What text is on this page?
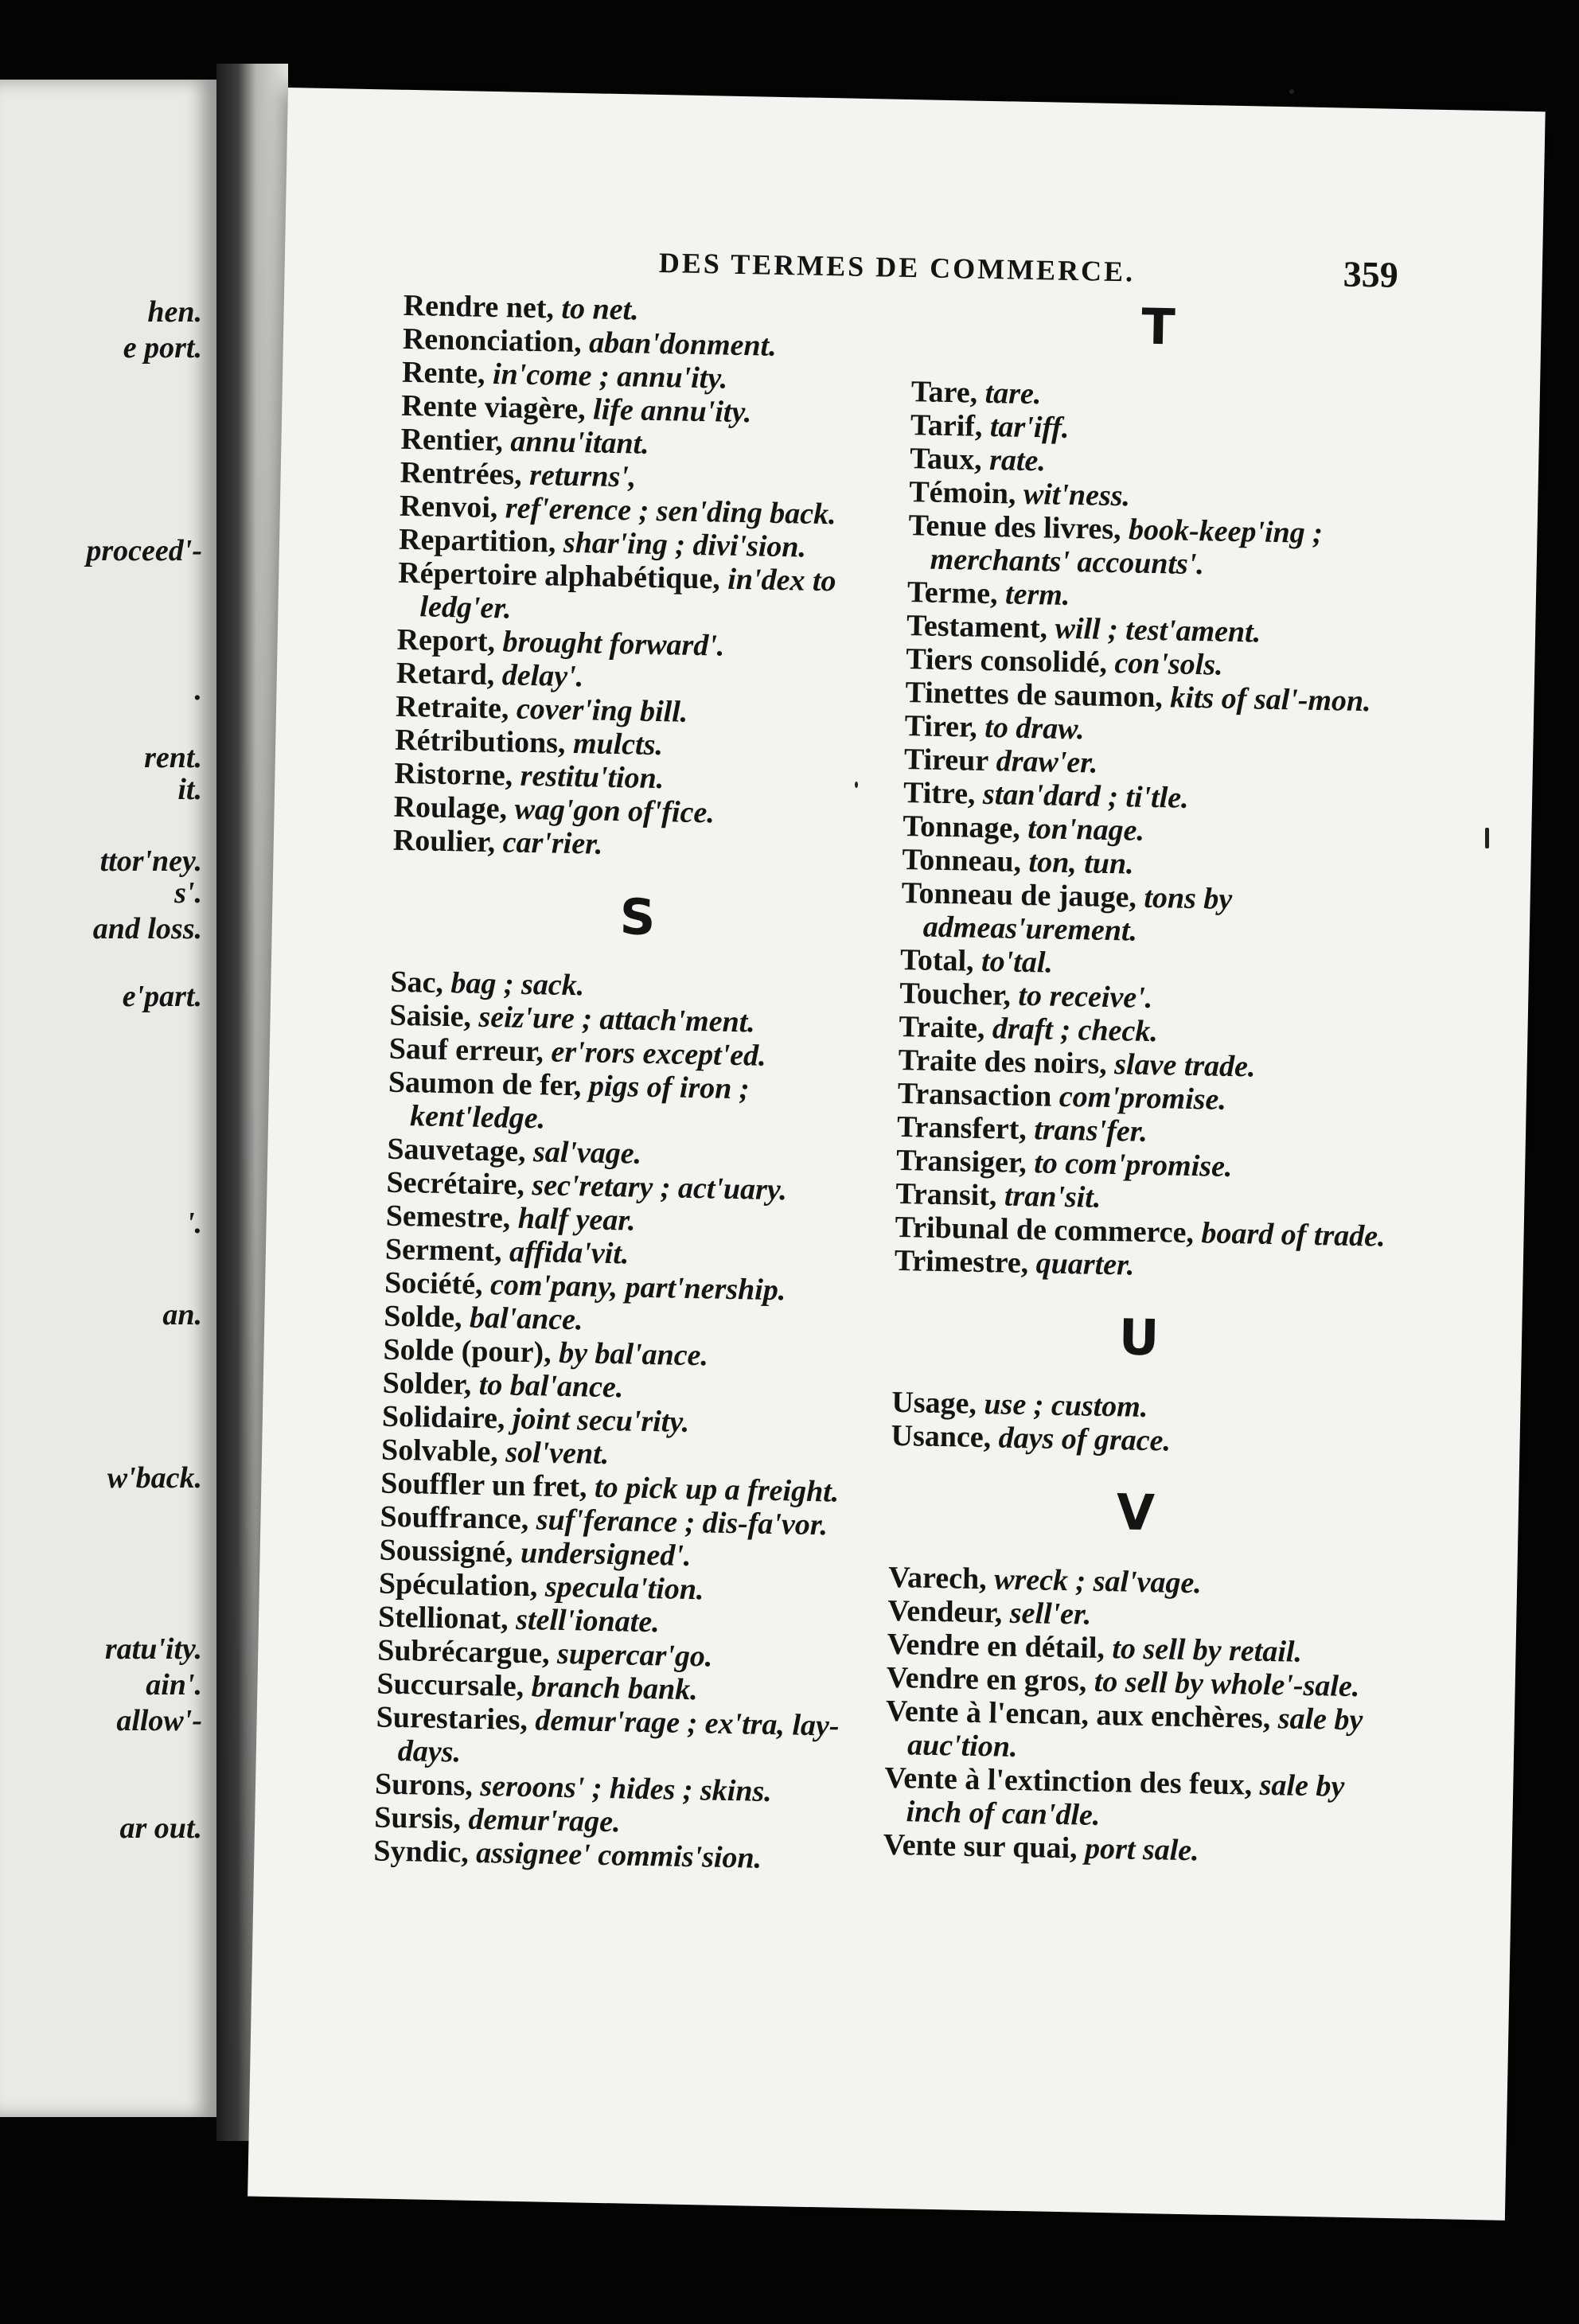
hen.
e port.
proceed'-
.
rent.
it.
ttor'ney.
s'.
and loss.
e'part.
'.
an.
w'back.
ratu'ity.
ain'.
allow'-
ar out.
DES TERMES DE COMMERCE.	359

Rendre net, to net.

Renonciation, aban'donment.

Rente, in'come ; annu'ity.

Rente viagère, life annu'ity.

Rentier, annu'itant.

Rentrées, returns',

Renvoi, ref'erence ; sen'ding back.

Repartition, shar'ing ; divi'sion.

Répertoire alphabétique, in'dex to ledg'er.

Report, brought forward'.

Retard, delay'.

Retraite, cover'ing bill.

Rétributions, mulcts.

Ristorne, restitu'tion.

Roulage, wag'gon of'fice.

Roulier, car'rier.

S

Sac, bag ; sack.

Saisie, seiz'ure ; attach'ment.

Sauf erreur, er'rors except'ed.

Saumon de fer, pigs of iron ; kent'ledge.

Sauvetage, sal'vage.

Secrétaire, sec'retary ; act'uary.

Semestre, half year.

Serment, affida'vit.

Société, com'pany, part'nership.

Solde, bal'ance.

Solde (pour), by bal'ance.

Solder, to bal'ance.

Solidaire, joint secu'rity.

Solvable, sol'vent.

Souffler un fret, to pick up a freight.

Souffrance, suf'ferance ; dis-fa'vor.

Soussigné, undersigned'.

Spéculation, specula'tion.

Stellionat, stell'ionate.

Subrécargue, supercar'go.

Succursale, branch bank.

Surestaries, demur'rage ; ex'tra, lay-days.

Surons, seroons' ; hides ; skins.

Sursis, demur'rage.

Syndic, assignee' commis'sion.

T

Tare, tare.

Tarif, tar'iff.

Taux, rate.

Témoin, wit'ness.

Tenue des livres, book-keep'ing ; merchants' accounts'.

Terme, term.

Testament, will ; test'ament.

Tiers consolidé, con'sols.

Tinettes de saumon, kits of sal'-mon.

Tirer, to draw.

Tireur draw'er.

Titre, stan'dard ; ti'tle.

Tonnage, ton'nage.

Tonneau, ton, tun.

Tonneau de jauge, tons by admeas'urement.

Total, to'tal.

Toucher, to receive'.

Traite, draft ; check.

Traite des noirs, slave trade.

Transaction com'promise.

Transfert, trans'fer.

Transiger, to com'promise.

Transit, tran'sit.

Tribunal de commerce, board of trade.

Trimestre, quarter.

U

Usage, use ; custom.

Usance, days of grace.

V

Varech, wreck ; sal'vage.

Vendeur, sell'er.

Vendre en détail, to sell by retail.

Vendre en gros, to sell by whole'-sale.

Vente à l'encan, aux enchères, sale by auc'tion.

Vente à l'extinction des feux, sale by inch of can'dle.

Vente sur quai, port sale.
